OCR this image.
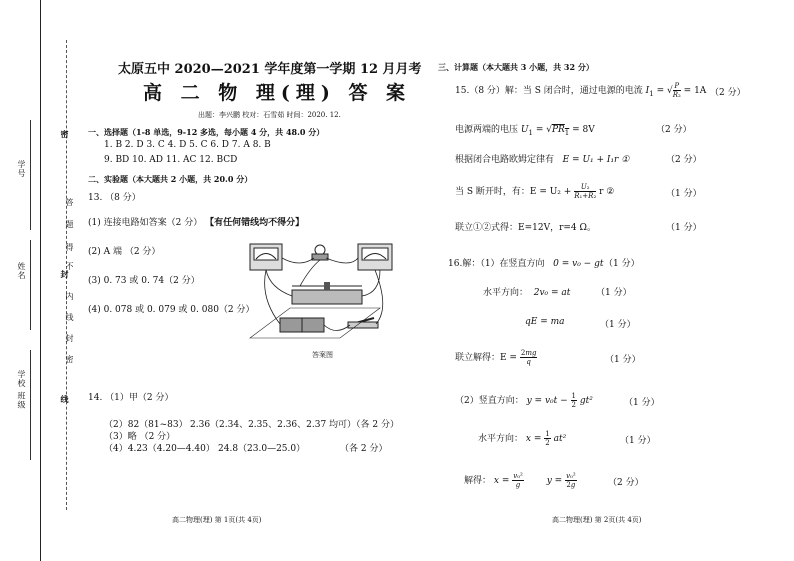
学号
姓名
学校 班级
密
封
线
答
题
得
不
内
线
封
密
太原五中 2020—2021 学年度第一学期 12 月月考
高 二 物 理(理) 答 案
出题：李兴鹏 校对：石雪茹 时间：2020. 12.
一、选择题（1-8 单选，9-12 多选，每小题 4 分，共 48.0 分）
1. B 2. D 3. C 4. D 5. C 6. D 7. A 8. B
9. BD 10. AD 11. AC 12. BCD
二、实验题（本大题共 2 小题，共 20.0 分）
13. （8 分）
(1) 连接电路如答案（2 分） 【有任何错线均不得分】
(2) A 端 （2 分）
(3) 0. 73 或 0. 74（2 分）
(4) 0. 078 或 0. 079 或 0. 080（2 分）
答案图
14. （1）甲（2 分）
（2）82（81~83） 2.36（2.34、2.35、2.36、2.37 均可）（各 2 分）
（3）略 （2 分）
（4）4.23（4.20—4.40） 24.8（23.0—25.0）	（各 2 分）
高二物理(理) 第 1页(共 4页)
三、计算题（本大题共 3 小题，共 32 分）
15.（8 分）解：当 S 闭合时，通过电源的电流 $I_1$ = √ $\frac{P}{\text{R₂}} = 1A$ （2 分）
电源两端的电压 $U_1 = √PR_1 = 8V$	（2 分）
根据闭合电路欧姆定律有 E = U₁ + I₁r ①	（2 分）
当 S 断开时，有：$E = U_2 + \frac{\text{U₂}}{\text{R₁+R₂}}$ r ②	（1 分）
联立①②式得：E=12V，r=4 Ω。	（1 分）
16.解：（1）在竖直方向 0 = v₀ − gt （1 分）
水平方向： 2v₀ = at	（1 分）
qE = ma	（1 分）
联立解得：$E = \frac{2mg}{q}$	（1 分）
（2）竖直方向： $y = v_0t - \frac{1}{2} gt^2$	（1 分）
水平方向： $x = \frac{1}{2} at^2$	（1 分）
解得： $x = \frac{\text{v₀²}}{g}$	$y = \frac{\text{v₀²}}{2g}$	（2 分）
高二物理(理) 第 2页(共 4页)
